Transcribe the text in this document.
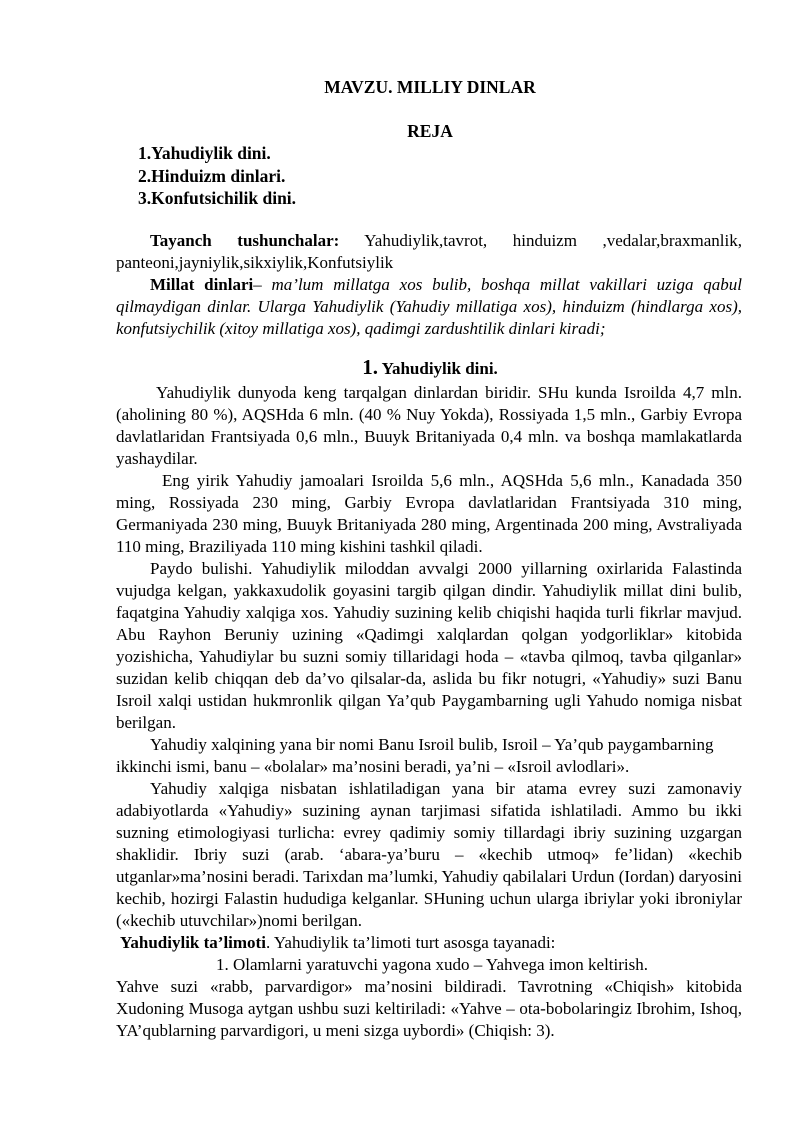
MAVZU. MILLIY DINLAR
REJA
1.Yahudiylik dini.
2.Hinduizm dinlari.
3.Konfutsichilik dini.

Tayanch tushunchalar: Yahudiylik,tavrot, hinduizm ,vedalar,braxmanlik, panteoni,jayniylik,sikxiylik,Konfutsiylik

Millat dinlari– ma’lum millatga xos bulib, boshqa millat vakillari uziga qabul qilmaydigan dinlar. Ularga Yahudiylik (Yahudiy millatiga xos), hinduizm (hindlarga xos), konfutsiychilik (xitoy millatiga xos), qadimgi zardushtilik dinlari kiradi;

1. Yahudiylik dini.

Yahudiylik dunyoda keng tarqalgan dinlardan biridir. SHu kunda Isroilda 4,7 mln. (aholining 80 %), AQSHda 6 mln. (40 % Nuy Yokda), Rossiyada 1,5 mln., Garbiy Evropa davlatlaridan Frantsiyada 0,6 mln., Buuyk Britaniyada 0,4 mln. va boshqa mamlakatlarda yashaydilar.

Eng yirik Yahudiy jamoalari Isroilda 5,6 mln., AQSHda 5,6 mln., Kanadada 350 ming, Rossiyada 230 ming, Garbiy Evropa davlatlaridan Frantsiyada 310 ming, Germaniyada 230 ming, Buuyk Britaniyada 280 ming, Argentinada 200 ming, Avstraliyada 110 ming, Braziliyada 110 ming kishini tashkil qiladi.

Paydo bulishi. Yahudiylik miloddan avvalgi 2000 yillarning oxirlarida Falastinda vujudga kelgan, yakkaxudolik goyasini targib qilgan dindir. Yahudiylik millat dini bulib, faqatgina Yahudiy xalqiga xos. Yahudiy suzining kelib chiqishi haqida turli fikrlar mavjud. Abu Rayhon Beruniy uzining «Qadimgi xalqlardan qolgan yodgorliklar» kitobida yozishicha, Yahudiylar bu suzni somiy tillaridagi hoda – «tavba qilmoq, tavba qilganlar» suzidan kelib chiqqan deb da’vo qilsalar-da, aslida bu fikr notugri, «Yahudiy» suzi Banu Isroil xalqi ustidan hukmronlik qilgan Ya’qub Paygambarning ugli Yahudo nomiga nisbat berilgan.

Yahudiy xalqining yana bir nomi Banu Isroil bulib, Isroil – Ya’qub paygambarning ikkinchi ismi, banu – «bolalar» ma’nosini beradi, ya’ni – «Isroil avlodlari».

Yahudiy xalqiga nisbatan ishlatiladigan yana bir atama evrey suzi zamonaviy adabiyotlarda «Yahudiy» suzining aynan tarjimasi sifatida ishlatiladi. Ammo bu ikki suzning etimologiyasi turlicha: evrey qadimiy somiy tillardagi ibriy suzining uzgargan shaklidir. Ibriy suzi (arab. ‘abara-ya’buru – «kechib utmoq» fe’lidan) «kechib utganlar»ma’nosini beradi. Tarixdan ma’lumki, Yahudiy qabilalari Urdun (Iordan) daryosini kechib, hozirgi Falastin hududiga kelganlar. SHuning uchun ularga ibriylar yoki ibroniylar («kechib utuvchilar»)nomi berilgan.

Yahudiylik ta’limoti. Yahudiylik ta’limoti turt asosga tayanadi:

1. Olamlarni yaratuvchi yagona xudo – Yahvega imon keltirish.

Yahve suzi «rabb, parvardigor» ma’nosini bildiradi. Tavrotning «Chiqish» kitobida Xudoning Musoga aytgan ushbu suzi keltiriladi: «Yahve – ota-bobolaringiz Ibrohim, Ishoq, YA’qublarning parvardigori, u meni sizga uybordi» (Chiqish: 3).
